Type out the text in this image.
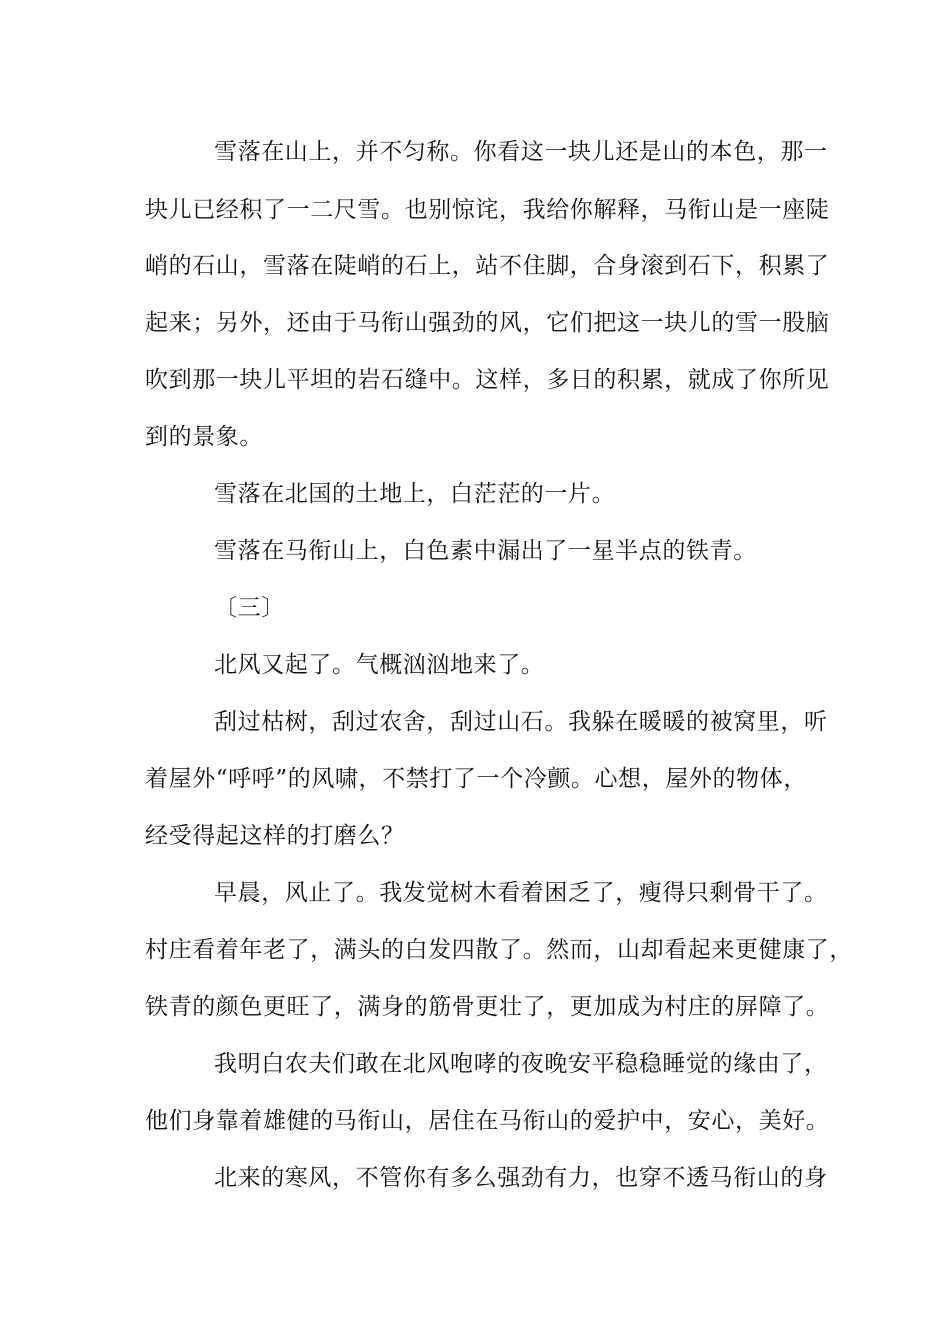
雪落在山上，并不匀称。你看这一块儿还是山的本色，那一
块儿已经积了一二尺雪。也别惊诧，我给你解释，马衔山是一座陡
峭的石山，雪落在陡峭的石上，站不住脚，合身滚到石下，积累了
起来；另外，还由于马衔山强劲的风，它们把这一块儿的雪一股脑
吹到那一块儿平坦的岩石缝中。这样，多日的积累，就成了你所见
到的景象。
雪落在北国的土地上，白茫茫的一片。
雪落在马衔山上，白色素中漏出了一星半点的铁青。
〔三〕
北风又起了。气概汹汹地来了。
刮过枯树，刮过农舍，刮过山石。我躲在暖暖的被窝里，听
着屋外“呼呼”的风啸，不禁打了一个冷颤。心想，屋外的物体，
经受得起这样的打磨么？
早晨，风止了。我发觉树木看着困乏了，瘦得只剩骨干了。
村庄看着年老了，满头的白发四散了。然而，山却看起来更健康了，
铁青的颜色更旺了，满身的筋骨更壮了，更加成为村庄的屏障了。
我明白农夫们敢在北风咆哮的夜晚安平稳稳睡觉的缘由了，
他们身靠着雄健的马衔山，居住在马衔山的爱护中，安心，美好。
北来的寒风，不管你有多么强劲有力，也穿不透马衔山的身
